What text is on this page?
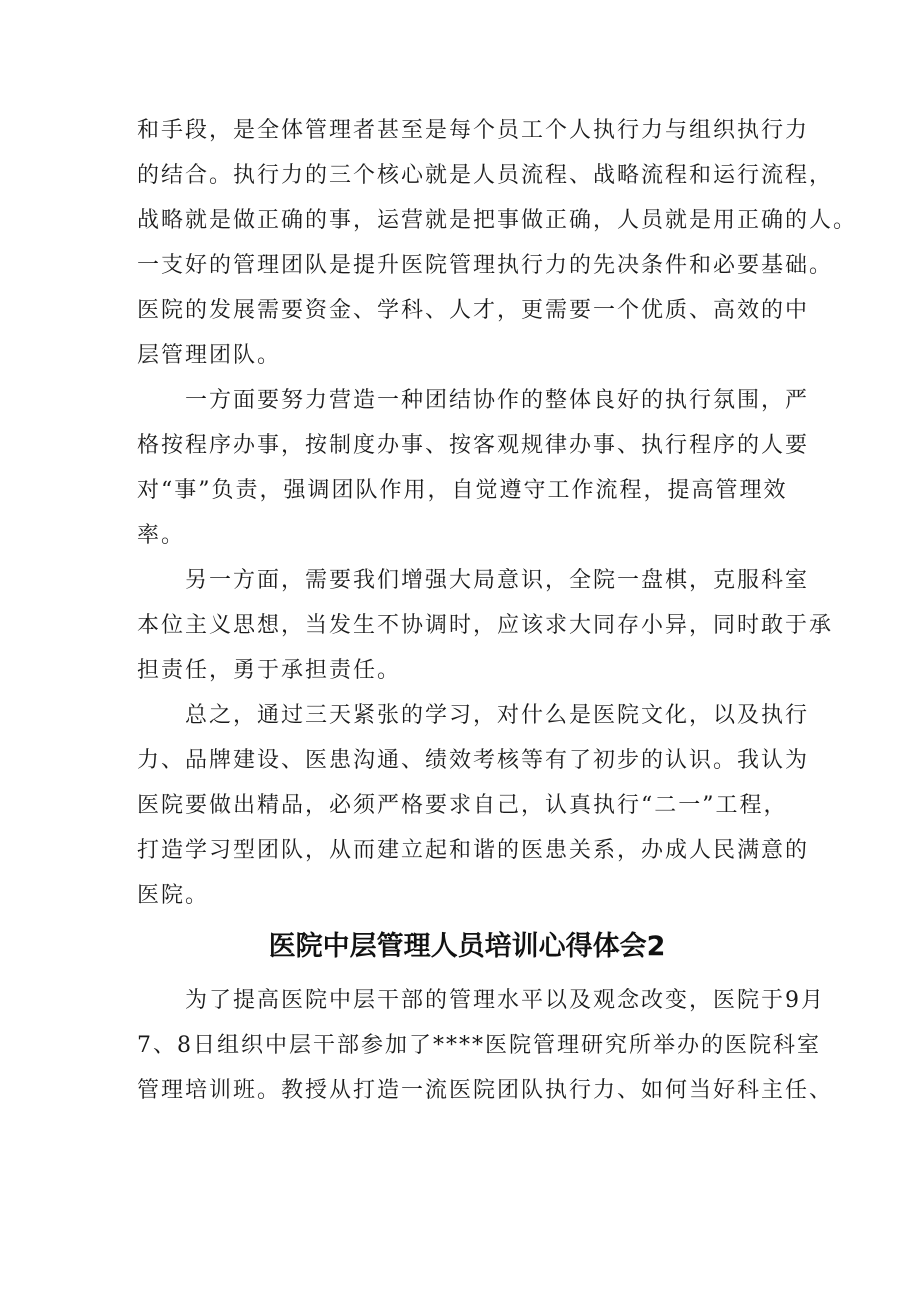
和手段，是全体管理者甚至是每个员工个人执行力与组织执行力
的结合。执行力的三个核心就是人员流程、战略流程和运行流程，
战略就是做正确的事，运营就是把事做正确，人员就是用正确的人。
一支好的管理团队是提升医院管理执行力的先决条件和必要基础。
医院的发展需要资金、学科、人才，更需要一个优质、高效的中
层管理团队。

一方面要努力营造一种团结协作的整体良好的执行氛围，严
格按程序办事，按制度办事、按客观规律办事、执行程序的人要
对“事”负责，强调团队作用，自觉遵守工作流程，提高管理效
率。

另一方面，需要我们增强大局意识，全院一盘棋，克服科室
本位主义思想，当发生不协调时，应该求大同存小异，同时敢于承
担责任，勇于承担责任。

总之，通过三天紧张的学习，对什么是医院文化，以及执行
力、品牌建设、医患沟通、绩效考核等有了初步的认识。我认为
医院要做出精品，必须严格要求自己，认真执行“二一”工程，
打造学习型团队，从而建立起和谐的医患关系，办成人民满意的
医院。

医院中层管理人员培训心得体会2

为了提高医院中层干部的管理水平以及观念改变，医院于9月
7、8日组织中层干部参加了****医院管理研究所举办的医院科室
管理培训班。教授从打造一流医院团队执行力、如何当好科主任、
